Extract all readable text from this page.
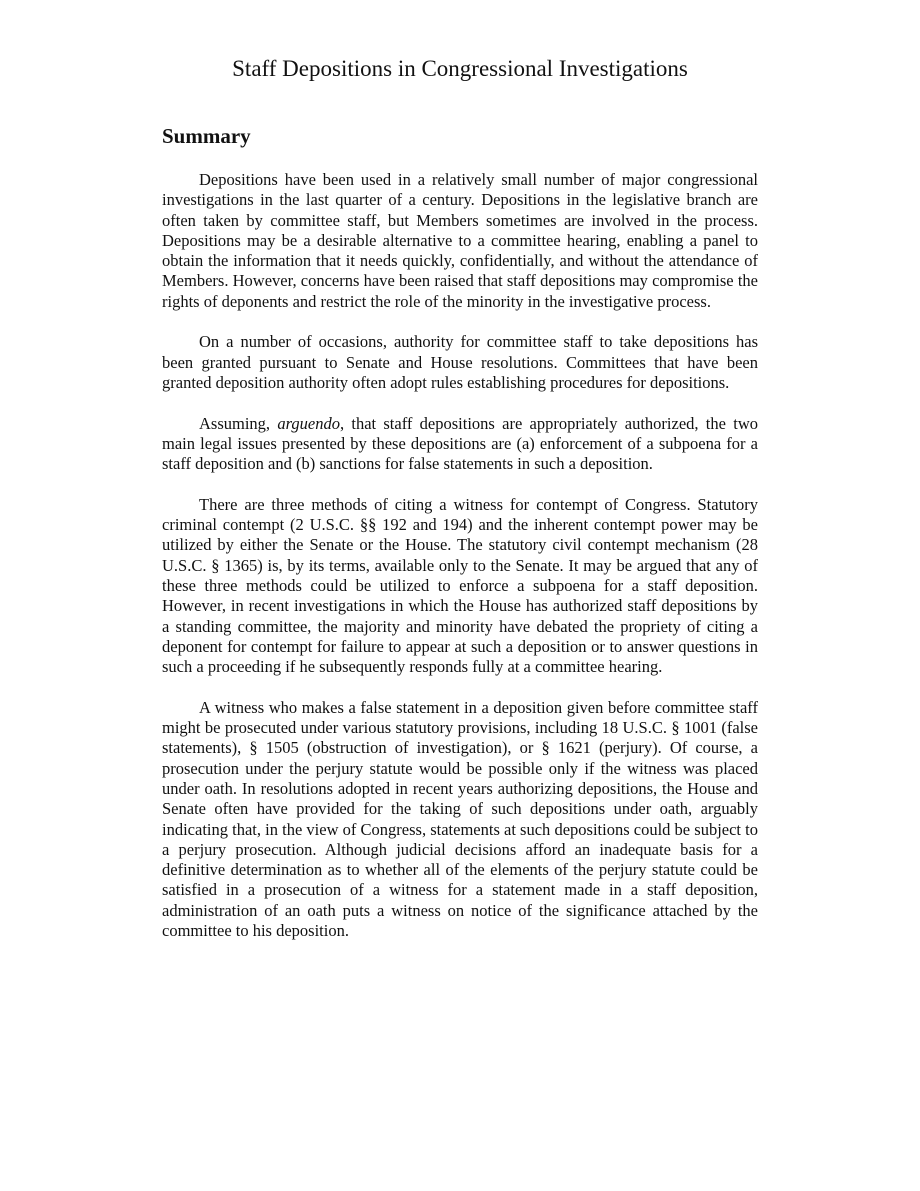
Staff Depositions in Congressional Investigations
Summary

Depositions have been used in a relatively small number of major congressional investigations in the last quarter of a century. Depositions in the legislative branch are often taken by committee staff, but Members sometimes are involved in the process. Depositions may be a desirable alternative to a committee hearing, enabling a panel to obtain the information that it needs quickly, confidentially, and without the attendance of Members. However, concerns have been raised that staff depositions may compromise the rights of deponents and restrict the role of the minority in the investigative process.

On a number of occasions, authority for committee staff to take depositions has been granted pursuant to Senate and House resolutions. Committees that have been granted deposition authority often adopt rules establishing procedures for depositions.

Assuming, arguendo, that staff depositions are appropriately authorized, the two main legal issues presented by these depositions are (a) enforcement of a subpoena for a staff deposition and (b) sanctions for false statements in such a deposition.

There are three methods of citing a witness for contempt of Congress. Statutory criminal contempt (2 U.S.C. §§ 192 and 194) and the inherent contempt power may be utilized by either the Senate or the House. The statutory civil contempt mechanism (28 U.S.C. § 1365) is, by its terms, available only to the Senate. It may be argued that any of these three methods could be utilized to enforce a subpoena for a staff deposition. However, in recent investigations in which the House has authorized staff depositions by a standing committee, the majority and minority have debated the propriety of citing a deponent for contempt for failure to appear at such a deposition or to answer questions in such a proceeding if he subsequently responds fully at a committee hearing.

A witness who makes a false statement in a deposition given before committee staff might be prosecuted under various statutory provisions, including 18 U.S.C. § 1001 (false statements), § 1505 (obstruction of investigation), or § 1621 (perjury). Of course, a prosecution under the perjury statute would be possible only if the witness was placed under oath. In resolutions adopted in recent years authorizing depositions, the House and Senate often have provided for the taking of such depositions under oath, arguably indicating that, in the view of Congress, statements at such depositions could be subject to a perjury prosecution. Although judicial decisions afford an inadequate basis for a definitive determination as to whether all of the elements of the perjury statute could be satisfied in a prosecution of a witness for a statement made in a staff deposition, administration of an oath puts a witness on notice of the significance attached by the committee to his deposition.
